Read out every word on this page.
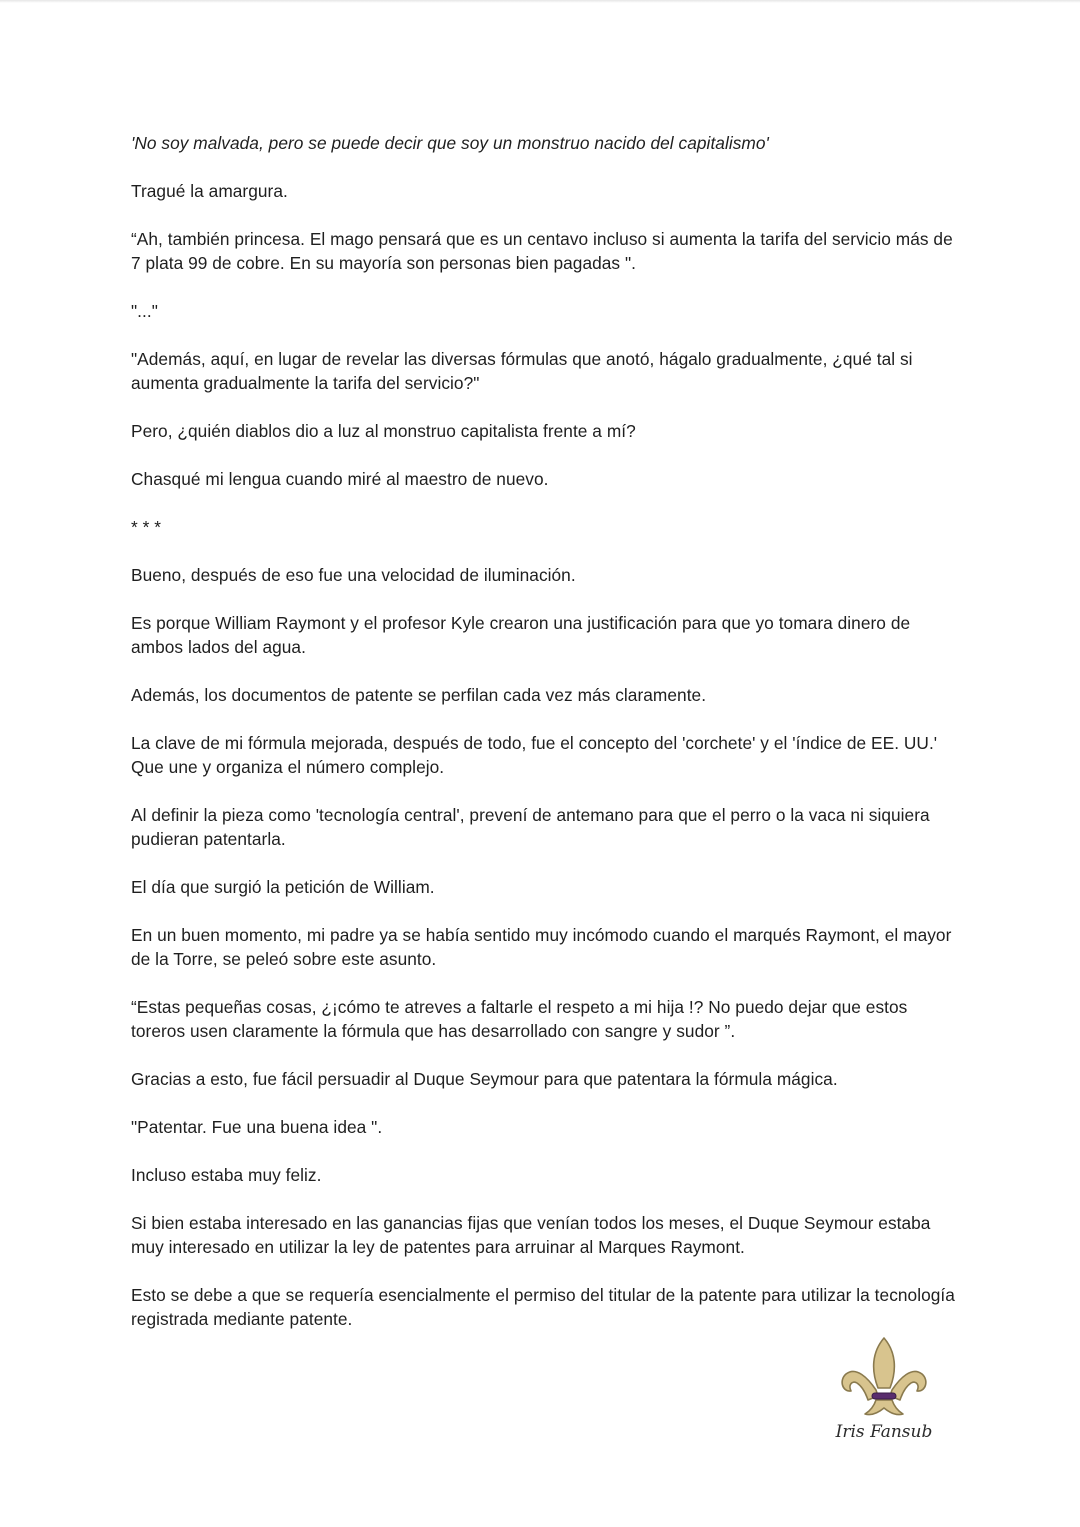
'No soy malvada, pero se puede decir que soy un monstruo nacido del capitalismo'

Tragué la amargura.

“Ah, también princesa. El mago pensará que es un centavo incluso si aumenta la tarifa del servicio más de 7 plata 99 de cobre. En su mayoría son personas bien pagadas ".

"..."

"Además, aquí, en lugar de revelar las diversas fórmulas que anotó, hágalo gradualmente, ¿qué tal si aumenta gradualmente la tarifa del servicio?"

Pero, ¿quién diablos dio a luz al monstruo capitalista frente a mí?

Chasqué mi lengua cuando miré al maestro de nuevo.

* * *

Bueno, después de eso fue una velocidad de iluminación.

Es porque William Raymont y el profesor Kyle crearon una justificación para que yo tomara dinero de ambos lados del agua.

Además, los documentos de patente se perfilan cada vez más claramente.

La clave de mi fórmula mejorada, después de todo, fue el concepto del 'corchete' y el 'índice de EE. UU.' Que une y organiza el número complejo.

Al definir la pieza como 'tecnología central', prevení de antemano para que el perro o la vaca ni siquiera pudieran patentarla.

El día que surgió la petición de William.

En un buen momento, mi padre ya se había sentido muy incómodo cuando el marqués Raymont, el mayor de la Torre, se peleó sobre este asunto.

“Estas pequeñas cosas, ¿¡cómo te atreves a faltarle el respeto a mi hija !? No puedo dejar que estos toreros usen claramente la fórmula que has desarrollado con sangre y sudor ”.

Gracias a esto, fue fácil persuadir al Duque Seymour para que patentara la fórmula mágica.

"Patentar. Fue una buena idea ".

Incluso estaba muy feliz.

Si bien estaba interesado en las ganancias fijas que venían todos los meses, el Duque Seymour estaba muy interesado en utilizar la ley de patentes para arruinar al Marques Raymont.

Esto se debe a que se requería esencialmente el permiso del titular de la patente para utilizar la tecnología registrada mediante patente.

Iris Fansub
